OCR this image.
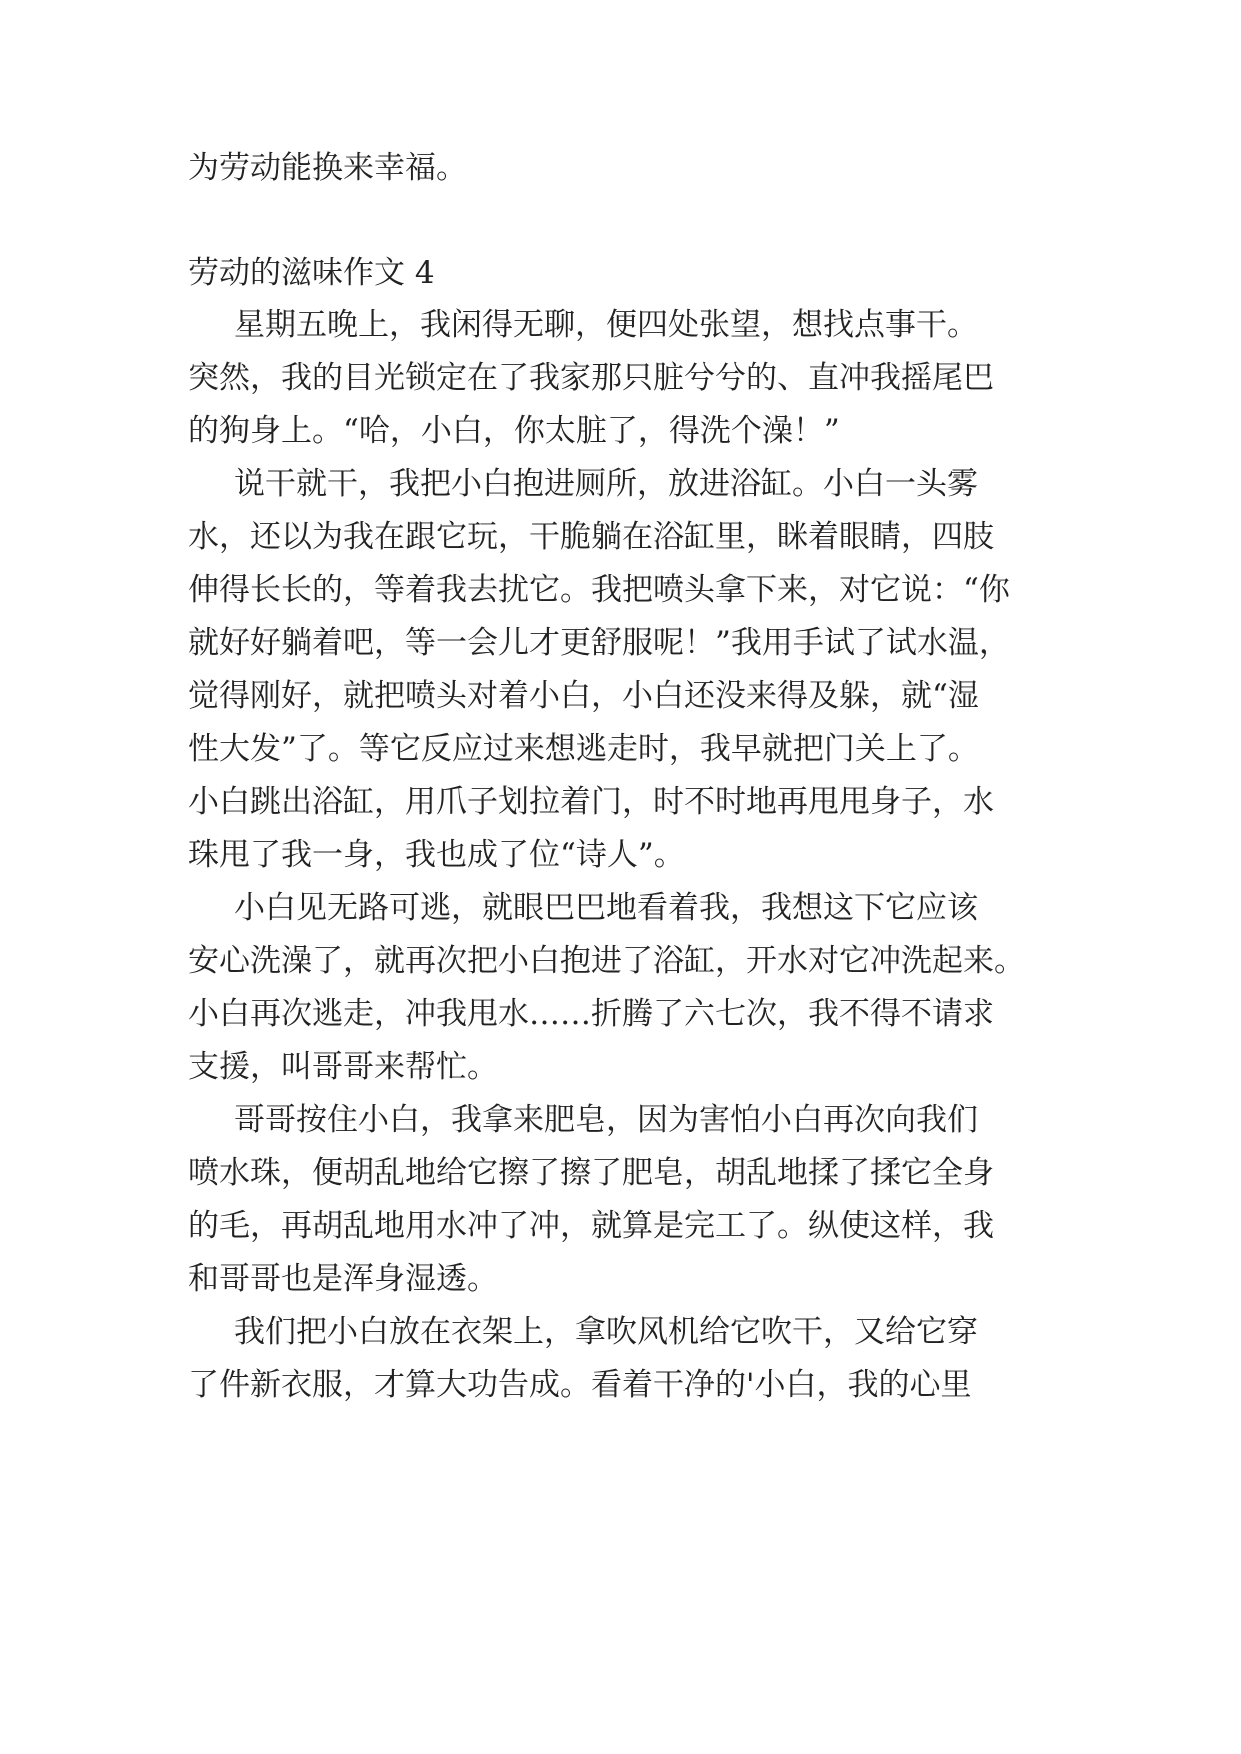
为劳动能换来幸福。
劳动的滋味作文 4
星期五晚上，我闲得无聊，便四处张望，想找点事干。
突然，我的目光锁定在了我家那只脏兮兮的、直冲我摇尾巴
的狗身上。“哈，小白，你太脏了，得洗个澡！”
说干就干，我把小白抱进厕所，放进浴缸。小白一头雾
水，还以为我在跟它玩，干脆躺在浴缸里，眯着眼睛，四肢
伸得长长的，等着我去扰它。我把喷头拿下来，对它说：“你
就好好躺着吧，等一会儿才更舒服呢！”我用手试了试水温，
觉得刚好，就把喷头对着小白，小白还没来得及躲，就“湿
性大发”了。等它反应过来想逃走时，我早就把门关上了。
小白跳出浴缸，用爪子划拉着门，时不时地再甩甩身子，水
珠甩了我一身，我也成了位“诗人”。
小白见无路可逃，就眼巴巴地看着我，我想这下它应该
安心洗澡了，就再次把小白抱进了浴缸，开水对它冲洗起来。
小白再次逃走，冲我甩水……折腾了六七次，我不得不请求
支援，叫哥哥来帮忙。
哥哥按住小白，我拿来肥皂，因为害怕小白再次向我们
喷水珠，便胡乱地给它擦了擦了肥皂，胡乱地揉了揉它全身
的毛，再胡乱地用水冲了冲，就算是完工了。纵使这样，我
和哥哥也是浑身湿透。
我们把小白放在衣架上，拿吹风机给它吹干，又给它穿
了件新衣服，才算大功告成。看着干净的'小白，我的心里
